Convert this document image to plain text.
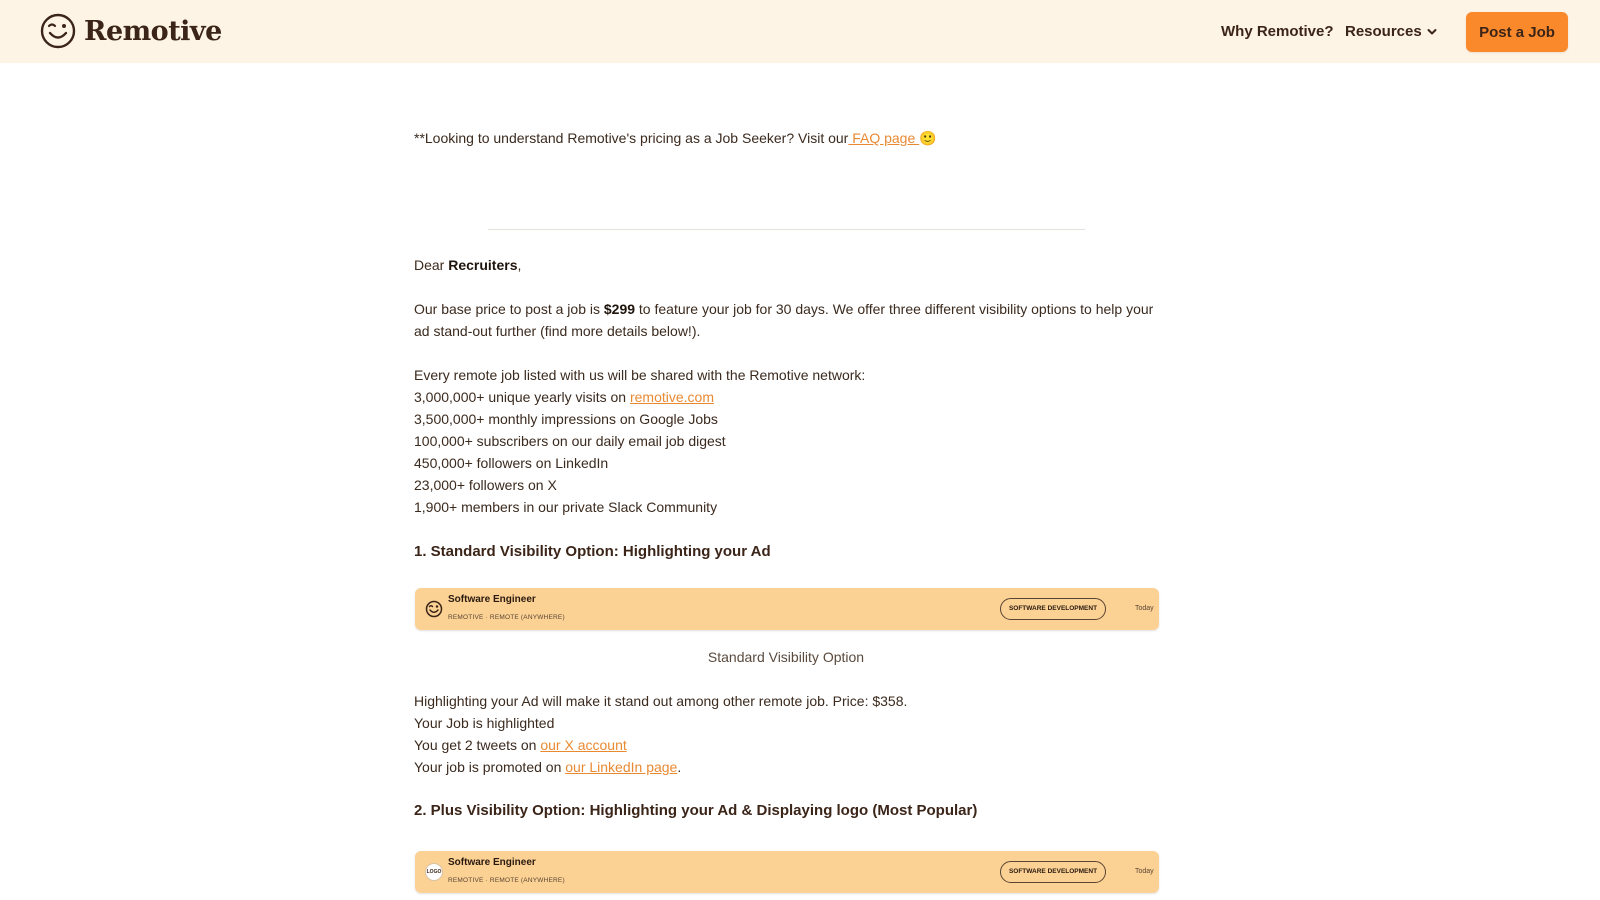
Remotive	Why Remotive? Resources	Post a Job
**Looking to understand Remotive's pricing as a Job Seeker? Visit our FAQ page 🙂
Dear Recruiters,
Our base price to post a job is $299 to feature your job for 30 days. We offer three different visibility options to help your ad stand-out further (find more details below!).
Every remote job listed with us will be shared with the Remotive network:
3,000,000+ unique yearly visits on remotive.com
3,500,000+ monthly impressions on Google Jobs
100,000+ subscribers on our daily email job digest
450,000+ followers on LinkedIn
23,000+ followers on X
1,900+ members in our private Slack Community
1. Standard Visibility Option: Highlighting your Ad
Software Engineer
REMOTIVE · REMOTE (ANYWHERE)
SOFTWARE DEVELOPMENT	Today
Standard Visibility Option
Highlighting your Ad will make it stand out among other remote job. Price: $358.
Your Job is highlighted
You get 2 tweets on our X account
Your job is promoted on our LinkedIn page.
2. Plus Visibility Option: Highlighting your Ad & Displaying logo (Most Popular)
LOGO
Software Engineer
REMOTIVE · REMOTE (ANYWHERE)
SOFTWARE DEVELOPMENT	Today
